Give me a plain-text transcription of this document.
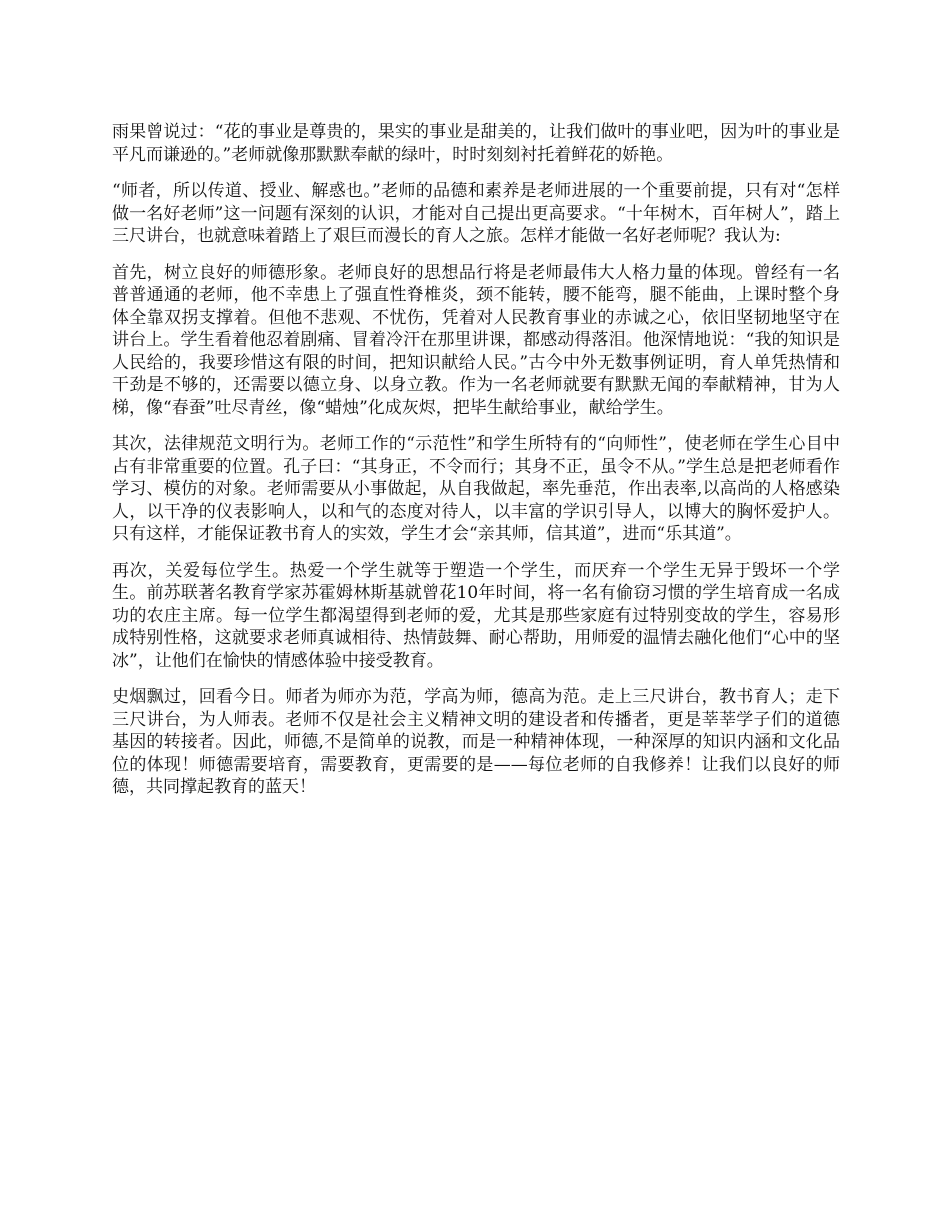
雨果曾说过：“花的事业是尊贵的，果实的事业是甜美的，让我们做叶的事业吧，因为叶的事业是平凡而谦逊的。”老师就像那默默奉献的绿叶，时时刻刻衬托着鲜花的娇艳。

“师者，所以传道、授业、解惑也。”老师的品德和素养是老师进展的一个重要前提，只有对“怎样做一名好老师”这一问题有深刻的认识，才能对自己提出更高要求。“十年树木，百年树人”，踏上三尺讲台，也就意味着踏上了艰巨而漫长的育人之旅。怎样才能做一名好老师呢？我认为:

首先，树立良好的师德形象。老师良好的思想品行将是老师最伟大人格力量的体现。曾经有一名普普通通的老师，他不幸患上了强直性脊椎炎，颈不能转，腰不能弯，腿不能曲，上课时整个身体全靠双拐支撑着。但他不悲观、不忧伤，凭着对人民教育事业的赤诚之心，依旧坚韧地坚守在讲台上。学生看着他忍着剧痛、冒着冷汗在那里讲课，都感动得落泪。他深情地说：“我的知识是人民给的，我要珍惜这有限的时间，把知识献给人民。”古今中外无数事例证明，育人单凭热情和干劲是不够的，还需要以德立身、以身立教。作为一名老师就要有默默无闻的奉献精神，甘为人梯，像“春蚕”吐尽青丝，像“蜡烛”化成灰烬，把毕生献给事业，献给学生。

其次，法律规范文明行为。老师工作的“示范性”和学生所特有的“向师性”，使老师在学生心目中占有非常重要的位置。孔子曰：“其身正，不令而行；其身不正，虽令不从。”学生总是把老师看作学习、模仿的对象。老师需要从小事做起，从自我做起，率先垂范，作出表率,以高尚的人格感染人，以干净的仪表影响人，以和气的态度对待人，以丰富的学识引导人，以博大的胸怀爱护人。只有这样，才能保证教书育人的实效，学生才会“亲其师，信其道”，进而“乐其道”。

再次，关爱每位学生。热爱一个学生就等于塑造一个学生，而厌弃一个学生无异于毁坏一个学生。前苏联著名教育学家苏霍姆林斯基就曾花10年时间，将一名有偷窃习惯的学生培育成一名成功的农庄主席。每一位学生都渴望得到老师的爱，尤其是那些家庭有过特别变故的学生，容易形成特别性格，这就要求老师真诚相待、热情鼓舞、耐心帮助，用师爱的温情去融化他们“心中的坚冰”，让他们在愉快的情感体验中接受教育。

史烟飘过，回看今日。师者为师亦为范，学高为师，德高为范。走上三尺讲台，教书育人；走下三尺讲台，为人师表。老师不仅是社会主义精神文明的建设者和传播者，更是莘莘学子们的道德基因的转接者。因此，师德,不是简单的说教，而是一种精神体现，一种深厚的知识内涵和文化品位的体现！师德需要培育，需要教育，更需要的是——每位老师的自我修养！让我们以良好的师德，共同撑起教育的蓝天！
